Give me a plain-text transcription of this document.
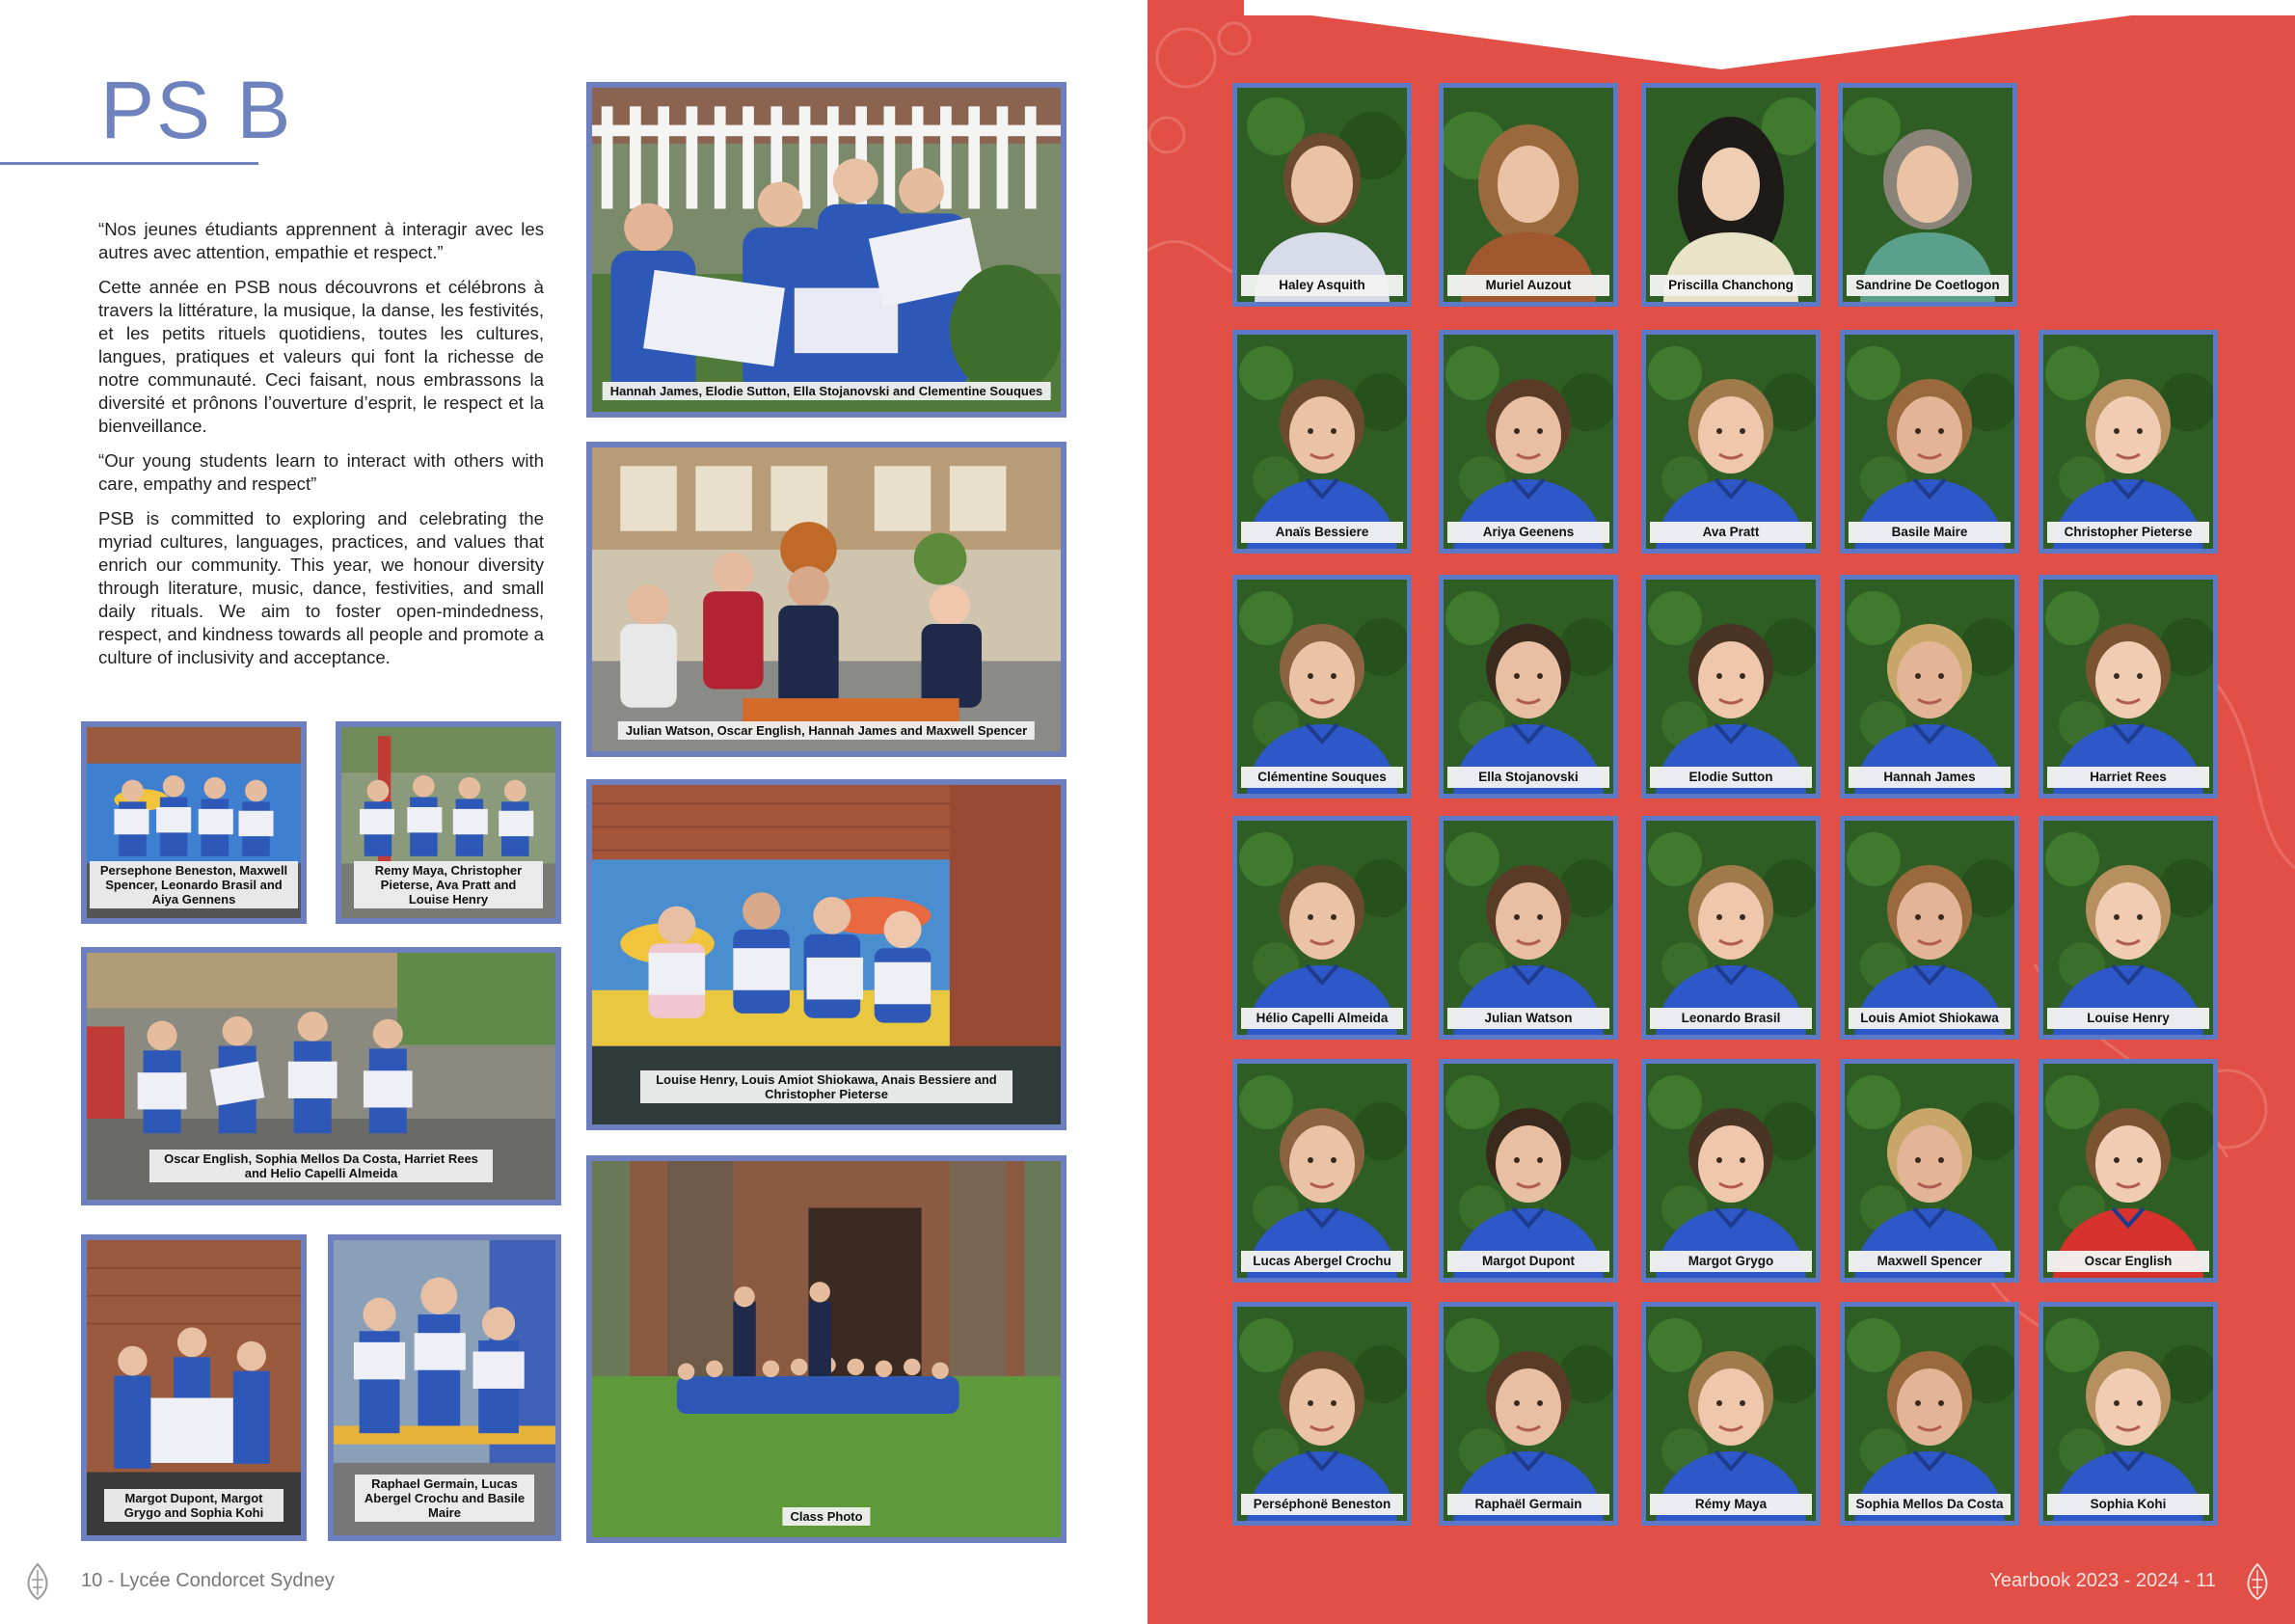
PS B

“Nos jeunes étudiants apprennent à interagir avec les autres avec attention, empathie et respect.”

Cette année en PSB nous découvrons et célébrons à travers la littérature, la musique, la danse, les festivités, et les petits rituels quotidiens, toutes les cultures, langues, pratiques et valeurs qui font la richesse de notre communauté. Ceci faisant, nous embrassons la diversité et prônons l’ouverture d’esprit, le respect et la bienveillance.

“Our young students learn to interact with others with care, empathy and respect”

PSB is committed to exploring and celebrating the myriad cultures, languages, practices, and values that enrich our community. This year, we honour diversity through literature, music, dance, festivities, and small daily rituals. We aim to foster open-mindedness, respect, and kindness towards all people and promote a culture of inclusivity and acceptance.

Hannah James, Elodie Sutton, Ella Stojanovski and Clementine Souques
Julian Watson, Oscar English, Hannah James and Maxwell Spencer
Louise Henry, Louis Amiot Shiokawa, Anais Bessiere and Christopher Pieterse
Class Photo
Persephone Beneston, Maxwell Spencer, Leonardo Brasil and Aiya Gennens
Remy Maya, Christopher Pieterse, Ava Pratt and Louise Henry
Oscar English, Sophia Mellos Da Costa, Harriet Rees and Helio Capelli Almeida
Margot Dupont, Margot Grygo and Sophia Kohi
Raphael Germain, Lucas Abergel Crochu and Basile Maire
10 - Lycée Condorcet Sydney
Haley Asquith	Muriel Auzout	Priscilla Chanchong	Sandrine De Coetlogon
Anaïs Bessiere	Ariya Geenens	Ava Pratt	Basile Maire	Christopher Pieterse
Clémentine Souques	Ella Stojanovski	Elodie Sutton	Hannah James	Harriet Rees
Hélio Capelli Almeida	Julian Watson	Leonardo Brasil	Louis Amiot Shiokawa	Louise Henry
Lucas Abergel Crochu	Margot Dupont	Margot Grygo	Maxwell Spencer	Oscar English
Perséphonë Beneston	Raphaël Germain	Rémy Maya	Sophia Mellos Da Costa	Sophia Kohi
Yearbook 2023 - 2024 - 11
